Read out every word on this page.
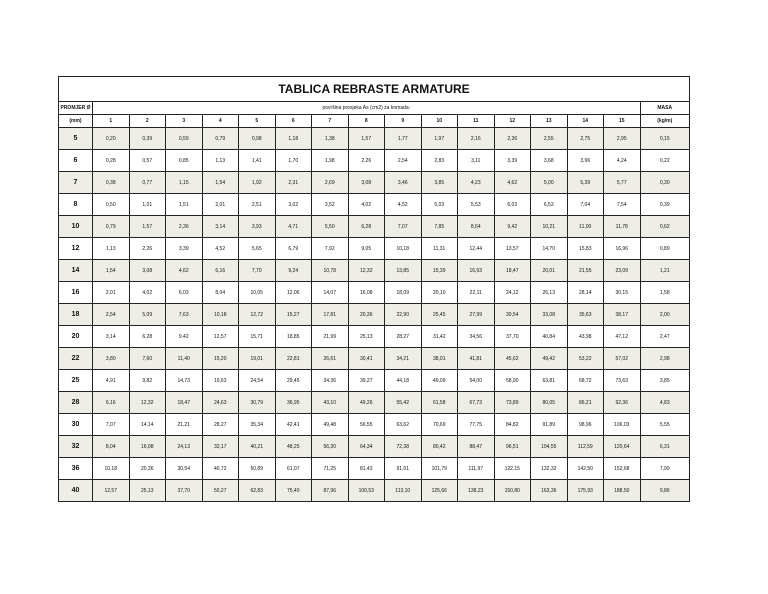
TABLICA REBRASTE ARMATURE																
PROMJER Ø	površina presjeka As (cm2) za komada:															MASA
(mm)	1	2	3	4	5	6	7	8	9	10	11	12	13	14	15	(kg/m)
5	0,20	0,39	0,59	0,79	0,98	1,18	1,38	1,57	1,77	1,97	2,16	2,36	2,55	2,75	2,95	0,15
6	0,28	0,57	0,85	1,13	1,41	1,70	1,98	2,26	2,54	2,83	3,11	3,39	3,68	3,96	4,24	0,22
7	0,38	0,77	1,15	1,54	1,92	2,31	2,69	3,08	3,46	3,85	4,23	4,62	5,00	5,39	5,77	0,30
8	0,50	1,01	1,51	2,01	2,51	3,02	3,52	4,02	4,52	5,03	5,53	6,03	6,53	7,04	7,54	0,39
10	0,79	1,57	2,36	3,14	3,93	4,71	5,50	6,28	7,07	7,85	8,64	9,42	10,21	11,00	11,78	0,62
12	1,13	2,26	3,39	4,52	5,65	6,79	7,92	9,05	10,18	11,31	12,44	13,57	14,70	15,83	16,96	0,89
14	1,54	3,08	4,62	6,16	7,70	9,24	10,78	12,32	13,85	15,39	16,93	18,47	20,01	21,55	23,09	1,21
16	2,01	4,02	6,03	8,04	10,05	12,06	14,07	16,08	18,09	20,10	22,11	24,12	26,13	28,14	30,15	1,58
18	2,54	5,09	7,63	10,18	12,72	15,27	17,81	20,36	22,90	25,45	27,99	30,54	33,08	35,63	38,17	2,00
20	3,14	6,28	9,42	12,57	15,71	18,85	21,99	25,13	28,27	31,42	34,56	37,70	40,84	43,98	47,12	2,47
22	3,80	7,60	11,40	15,20	19,01	22,81	26,61	30,41	34,21	38,01	41,81	45,62	49,42	53,22	57,02	2,98
25	4,91	9,82	14,73	19,63	24,54	29,45	34,36	39,27	44,18	49,09	54,00	58,90	63,81	68,72	73,63	3,85
28	6,16	12,32	18,47	24,63	30,79	36,95	43,10	49,26	55,42	61,58	67,73	73,89	80,05	86,21	92,36	4,83
30	7,07	14,14	21,21	28,27	35,34	42,41	49,48	56,55	63,62	70,69	77,75	84,82	91,89	98,96	106,03	5,55
32	8,04	16,08	24,13	32,17	40,21	48,25	56,30	64,34	72,38	80,42	88,47	96,51	104,55	112,59	120,64	6,31
36	10,18	20,36	30,54	40,72	50,89	61,07	71,25	81,43	91,61	101,79	111,97	122,15	132,32	142,50	152,68	7,99
40	12,57	25,13	37,70	50,27	62,83	75,40	87,96	100,53	113,10	125,66	138,23	150,80	163,36	175,93	188,50	9,86
